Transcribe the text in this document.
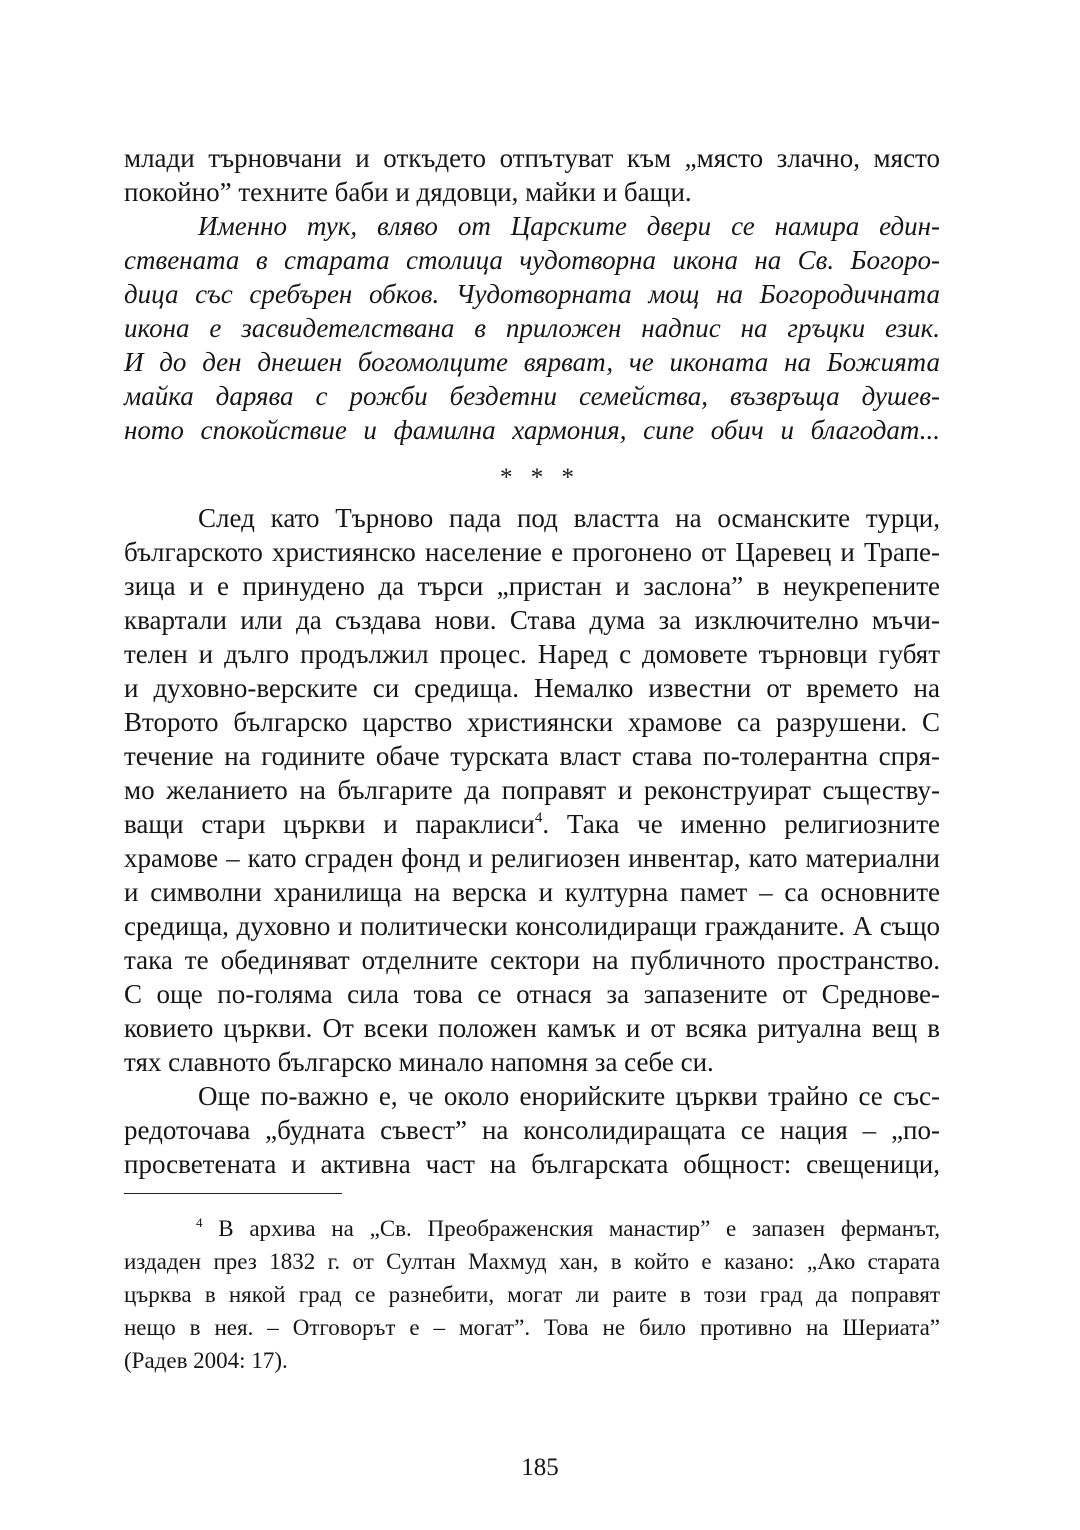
млади търновчани и откъдето отпътуват към „място злачно, място
покойно” техните баби и дядовци, майки и бащи.
Именно тук, вляво от Царските двери се намира един-
ствената в старата столица чудотворна икона на Св. Богоро-
дица със сребърен обков. Чудотворната мощ на Богородичната
икона е засвидетелствана в приложен надпис на гръцки език.
И до ден днешен богомолците вярват, че иконата на Божията
майка дарява с рожби бездетни семейства, възвръща душев-
ното спокойствие и фамилна хармония, сипе обич и благодат...
* * *
След като Търново пада под властта на османските турци,
българското християнско население е прогонено от Царевец и Трапе-
зица и е принудено да търси „пристан и заслона” в неукрепените
квартали или да създава нови. Става дума за изключително мъчи-
телен и дълго продължил процес. Наред с домовете търновци губят
и духовно-верските си средища. Немалко известни от времето на
Второто българско царство християнски храмове са разрушени. С
течение на годините обаче турската власт става по-толерантна спря-
мо желанието на българите да поправят и реконструират съществу-
ващи стари църкви и параклиси$^4$. Така че именно религиозните
храмове – като сграден фонд и религиозен инвентар, като материални
и символни хранилища на верска и културна памет – са основните
средища, духовно и политически консолидиращи гражданите. А също
така те обединяват отделните сектори на публичното пространство.
С още по-голяма сила това се отнася за запазените от Среднове-
ковието църкви. От всеки положен камък и от всяка ритуална вещ в
тях славното българско минало напомня за себе си.
Още по-важно е, че около енорийските църкви трайно се със-
редоточава „будната съвест” на консолидиращата се нация – „по-
просветената и активна част на българската общност: свещеници,
$^4$ В архива на „Св. Преображенския манастир” е запазен ферманът,
издаден през 1832 г. от Султан Махмуд хан, в който е казано: „Ако старата
църква в някой град се разнебити, могат ли раите в този град да поправят
нещо в нея. – Отговорът е – могат”. Това не било противно на Шериата”
(Радев 2004: 17).
185
